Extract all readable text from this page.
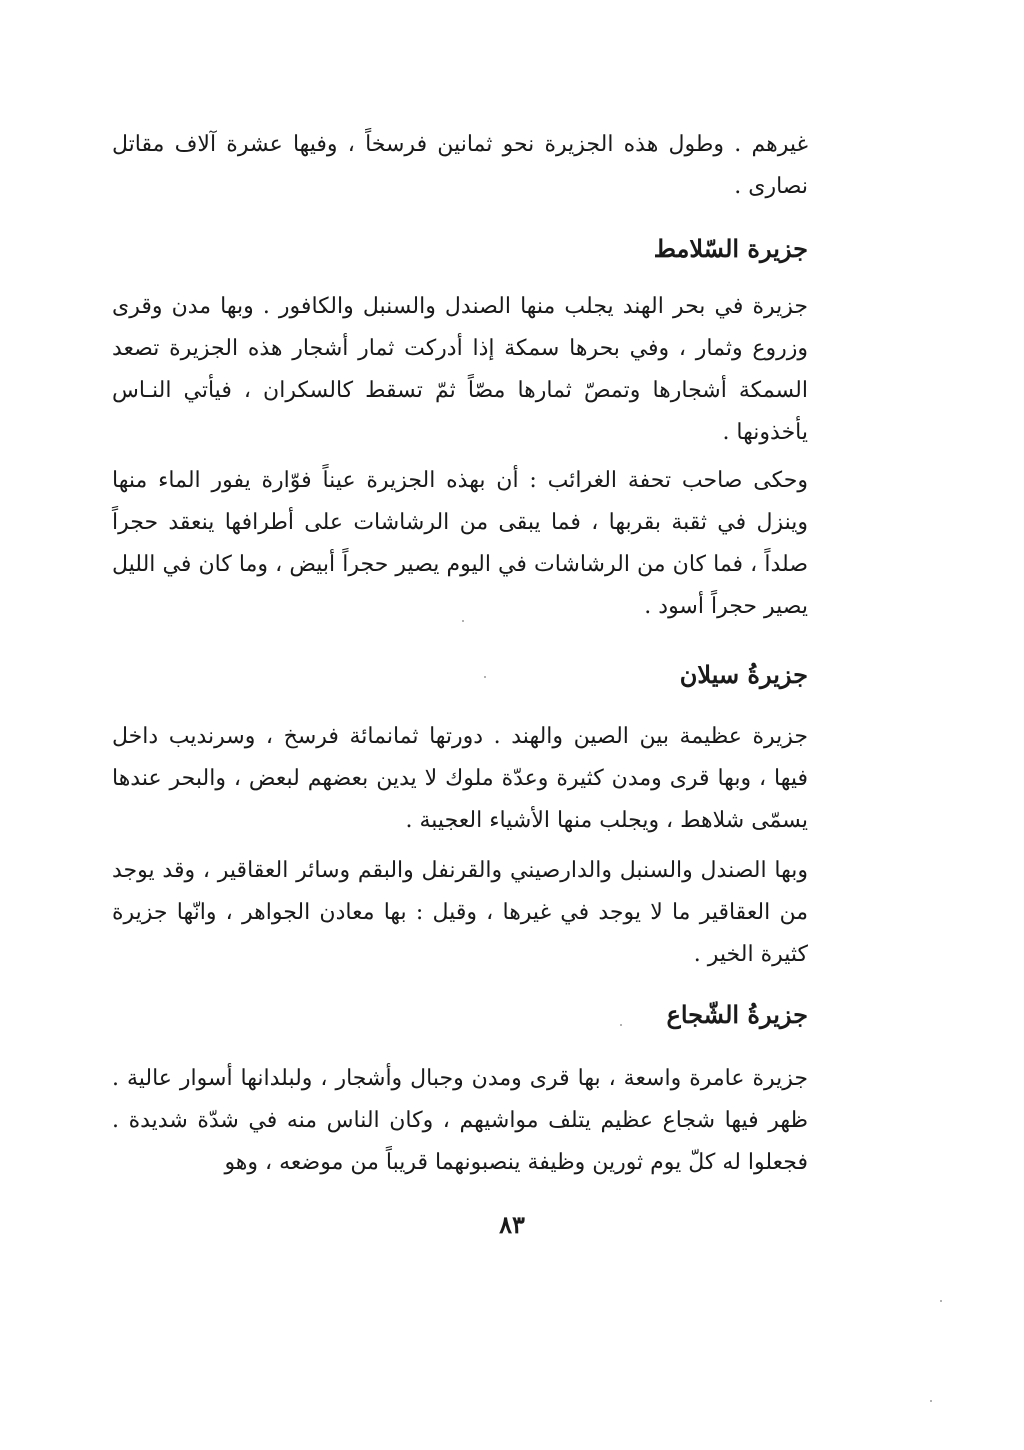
غيرهم . وطول هذه الجزيرة نحو ثمانين فرسخاً ، وفيها عشرة آلاف مقاتل نصارى .

جزيرة السّلامط

جزيرة في بحر الهند يجلب منها الصندل والسنبل والكافور . وبها مدن وقرى وزروع وثمار ، وفي بحرها سمكة إذا أدركت ثمار أشجار هذه الجزيرة تصعد السمكة أشجارها وتمصّ ثمارها مصّاً ثمّ تسقط كالسكران ، فيأتي النـاس يأخذونها .

وحكى صاحب تحفة الغرائب : أن بهذه الجزيرة عيناً فوّارة يفور الماء منها وينزل في ثقبة بقربها ، فما يبقى من الرشاشات على أطرافها ينعقد حجراً صلداً ، فما كان من الرشاشات في اليوم يصير حجراً أبيض ، وما كان في الليل يصير حجراً أسود .

جزيرةُ سيلان

جزيرة عظيمة بين الصين والهند . دورتها ثمانمائة فرسخ ، وسرنديب داخل فيها ، وبها قرى ومدن كثيرة وعدّة ملوك لا يدين بعضهم لبعض ، والبحر عندها يسمّى شلاهط ، ويجلب منها الأشياء العجيبة .

وبها الصندل والسنبل والدارصيني والقرنفل والبقم وسائر العقاقير ، وقد يوجد من العقاقير ما لا يوجد في غيرها ، وقيل : بها معادن الجواهر ، وانّها جزيرة كثيرة الخير .

جزيرةُ الشّجاع

جزيرة عامرة واسعة ، بها قرى ومدن وجبال وأشجار ، ولبلدانها أسوار عالية . ظهر فيها شجاع عظيم يتلف مواشيهم ، وكان الناس منه في شدّة شديدة . فجعلوا له كلّ يوم ثورين وظيفة ينصبونهما قريباً من موضعه ، وهو

٨٣
